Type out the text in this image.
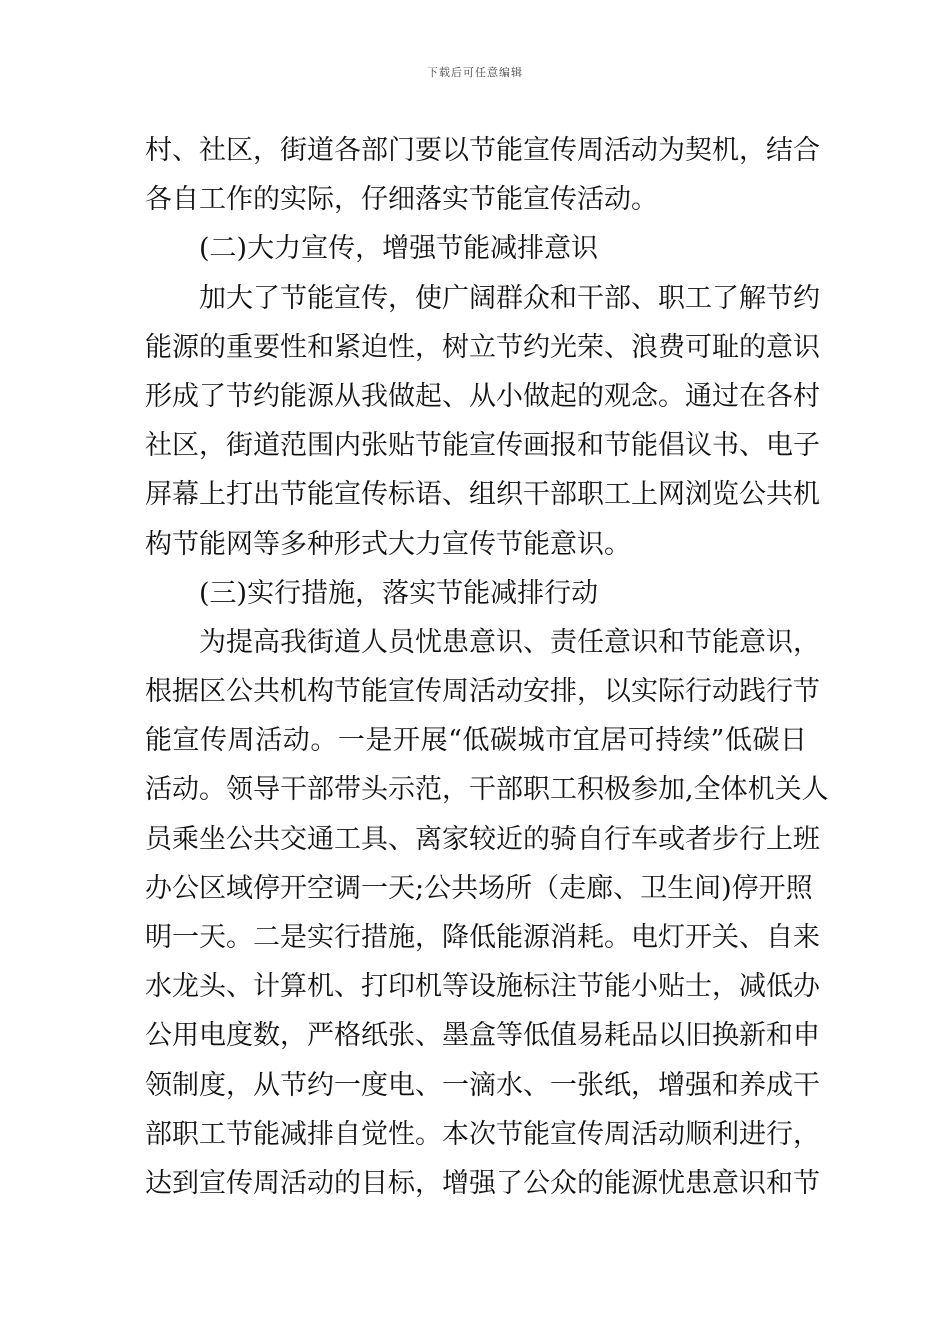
下载后可任意编辑
村、社区，街道各部门要以节能宣传周活动为契机，结合
各自工作的实际，仔细落实节能宣传活动。
(二)大力宣传，增强节能减排意识
加大了节能宣传，使广阔群众和干部、职工了解节约
能源的重要性和紧迫性，树立节约光荣、浪费可耻的意识
形成了节约能源从我做起、从小做起的观念。通过在各村
社区，街道范围内张贴节能宣传画报和节能倡议书、电子
屏幕上打出节能宣传标语、组织干部职工上网浏览公共机
构节能网等多种形式大力宣传节能意识。
(三)实行措施，落实节能减排行动
为提高我街道人员忧患意识、责任意识和节能意识，
根据区公共机构节能宣传周活动安排，以实际行动践行节
能宣传周活动。一是开展“低碳城市宜居可持续”低碳日
活动。领导干部带头示范，干部职工积极参加,全体机关人
员乘坐公共交通工具、离家较近的骑自行车或者步行上班
办公区域停开空调一天;公共场所（走廊、卫生间)停开照
明一天。二是实行措施，降低能源消耗。电灯开关、自来
水龙头、计算机、打印机等设施标注节能小贴士，减低办
公用电度数，严格纸张、墨盒等低值易耗品以旧换新和申
领制度，从节约一度电、一滴水、一张纸，增强和养成干
部职工节能减排自觉性。本次节能宣传周活动顺利进行，
达到宣传周活动的目标，增强了公众的能源忧患意识和节
